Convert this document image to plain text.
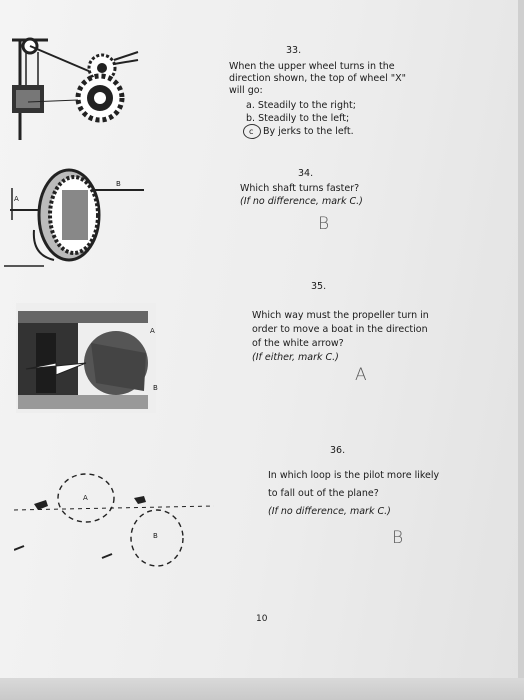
A
B
A
B
A
B
33.
When the upper wheel turns in the
direction shown, the top of wheel "X"
will go:
a. Steadily to the right;
b. Steadily to the left;
c By jerks to the left.
34.
Which shaft turns faster?
(If no difference, mark C.)
B
35.
Which way must the propeller turn in
order to move a boat in the direction
of the white arrow?
(If either, mark C.)
A
36.
In which loop is the pilot more likely
to fall out of the plane?
(If no difference, mark C.)
B
10
